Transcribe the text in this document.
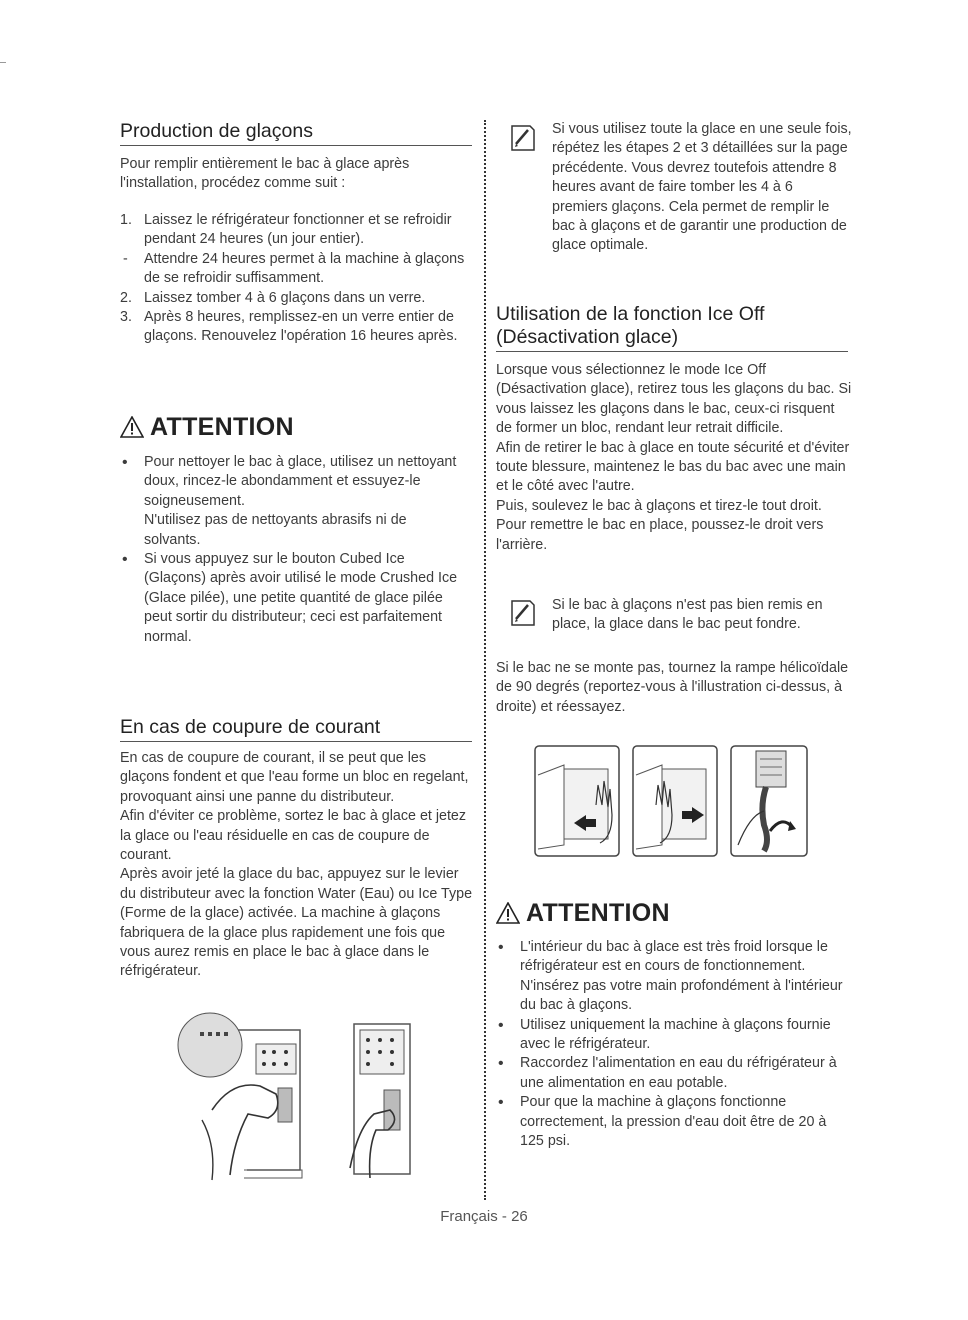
Production de glaçons

Pour remplir entièrement le bac à glace après l'installation, procédez comme suit :

1. Laissez le réfrigérateur fonctionner et se refroidir pendant 24 heures (un jour entier).
- Attendre 24 heures permet à la machine à glaçons de se refroidir suffisamment.
2. Laissez tomber 4 à 6 glaçons dans un verre.
3. Après 8 heures, remplissez-en un verre entier de glaçons. Renouvelez l'opération 16 heures après.
ATTENTION
• Pour nettoyer le bac à glace, utilisez un nettoyant doux, rincez-le abondamment et essuyez-le soigneusement.
N'utilisez pas de nettoyants abrasifs ni de solvants.
• Si vous appuyez sur le bouton Cubed Ice (Glaçons) après avoir utilisé le mode Crushed Ice (Glace pilée), une petite quantité de glace pilée peut sortir du distributeur; ceci est parfaitement normal.
En cas de coupure de courant
En cas de coupure de courant, il se peut que les glaçons fondent et que l'eau forme un bloc en regelant, provoquant ainsi une panne du distributeur.
Afin d'éviter ce problème, sortez le bac à glace et jetez la glace ou l'eau résiduelle en cas de coupure de courant.
Après avoir jeté la glace du bac, appuyez sur le levier du distributeur avec la fonction Water (Eau) ou Ice Type (Forme de la glace) activée. La machine à glaçons fabriquera de la glace plus rapidement une fois que vous aurez remis en place le bac à glace dans le réfrigérateur.

Si vous utilisez toute la glace en une seule fois, répétez les étapes 2 et 3 détaillées sur la page précédente. Vous devrez toutefois attendre 8 heures avant de faire tomber les 4 à 6 premiers glaçons. Cela permet de remplir le bac à glaçons et de garantir une production de glace optimale.

Utilisation de la fonction Ice Off
(Désactivation glace)
Lorsque vous sélectionnez le mode Ice Off (Désactivation glace), retirez tous les glaçons du bac. Si vous laissez les glaçons dans le bac, ceux-ci risquent de former un bloc, rendant leur retrait difficile.
Afin de retirer le bac à glace en toute sécurité et d'éviter toute blessure, maintenez le bas du bac avec une main et le côté avec l'autre.
Puis, soulevez le bac à glaçons et tirez-le tout droit. Pour remettre le bac en place, poussez-le droit vers l'arrière.

Si le bac à glaçons n'est pas bien remis en place, la glace dans le bac peut fondre.

Si le bac ne se monte pas, tournez la rampe hélicoïdale de 90 degrés (reportez-vous à l'illustration ci-dessus, à droite) et réessayez.

ATTENTION
• L'intérieur du bac à glace est très froid lorsque le réfrigérateur est en cours de fonctionnement. N'insérez pas votre main profondément à l'intérieur du bac à glaçons.
• Utilisez uniquement la machine à glaçons fournie avec le réfrigérateur.
• Raccordez l'alimentation en eau du réfrigérateur à une alimentation en eau potable.
• Pour que la machine à glaçons fonctionne correctement, la pression d'eau doit être de 20 à 125 psi.
Français - 26
